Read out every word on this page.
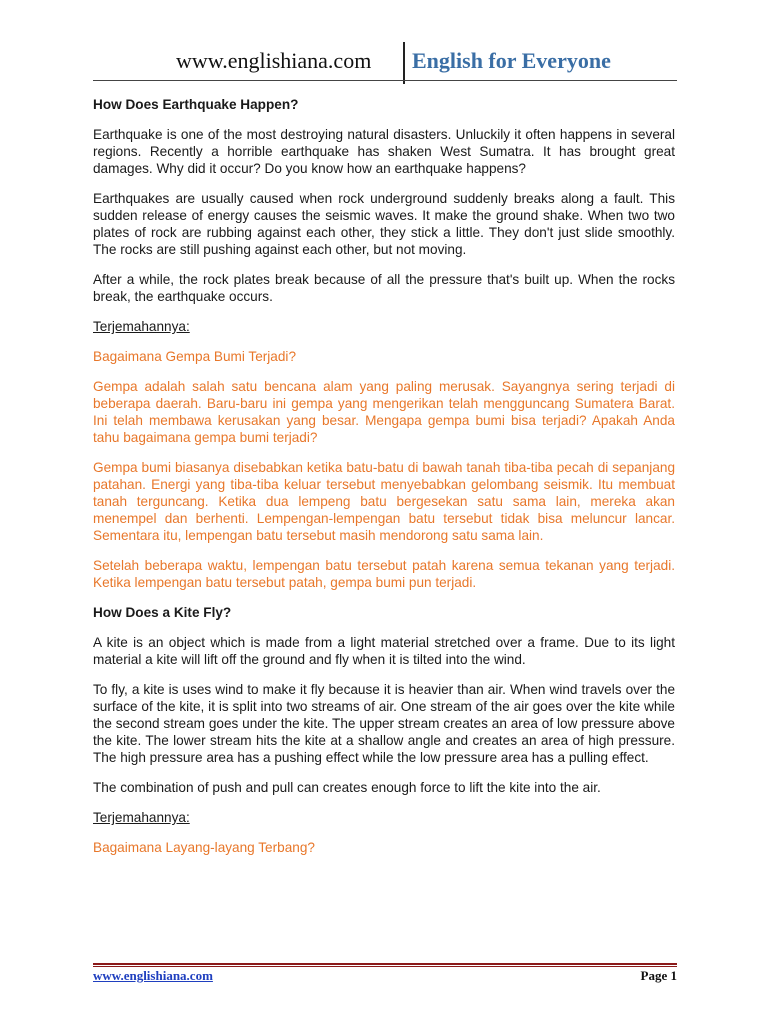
www.englishiana.com English for Everyone
How Does Earthquake Happen?

Earthquake is one of the most destroying natural disasters. Unluckily it often happens in several regions. Recently a horrible earthquake has shaken West Sumatra. It has brought great damages. Why did it occur? Do you know how an earthquake happens?

Earthquakes are usually caused when rock underground suddenly breaks along a fault. This sudden release of energy causes the seismic waves. It make the ground shake. When two two plates of rock are rubbing against each other, they stick a little. They don't just slide smoothly. The rocks are still pushing against each other, but not moving.

After a while, the rock plates break because of all the pressure that's built up. When the rocks break, the earthquake occurs.

Terjemahannya:

Bagaimana Gempa Bumi Terjadi?

Gempa adalah salah satu bencana alam yang paling merusak. Sayangnya sering terjadi di beberapa daerah. Baru-baru ini gempa yang mengerikan telah mengguncang Sumatera Barat. Ini telah membawa kerusakan yang besar. Mengapa gempa bumi bisa terjadi? Apakah Anda tahu bagaimana gempa bumi terjadi?

Gempa bumi biasanya disebabkan ketika batu-batu di bawah tanah tiba-tiba pecah di sepanjang patahan. Energi yang tiba-tiba keluar tersebut menyebabkan gelombang seismik. Itu membuat tanah terguncang. Ketika dua lempeng batu bergesekan satu sama lain, mereka akan menempel dan berhenti. Lempengan-lempengan batu tersebut tidak bisa meluncur lancar. Sementara itu, lempengan batu tersebut masih mendorong satu sama lain.

Setelah beberapa waktu, lempengan batu tersebut patah karena semua tekanan yang terjadi. Ketika lempengan batu tersebut patah, gempa bumi pun terjadi.

How Does a Kite Fly?

A kite is an object which is made from a light material stretched over a frame. Due to its light material a kite will lift off the ground and fly when it is tilted into the wind.

To fly, a kite is uses wind to make it fly because it is heavier than air. When wind travels over the surface of the kite, it is split into two streams of air. One stream of the air goes over the kite while the second stream goes under the kite. The upper stream creates an area of low pressure above the kite. The lower stream hits the kite at a shallow angle and creates an area of high pressure. The high pressure area has a pushing effect while the low pressure area has a pulling effect.

The combination of push and pull can creates enough force to lift the kite into the air.

Terjemahannya:

Bagaimana Layang-layang Terbang?

www.englishiana.com	Page 1
